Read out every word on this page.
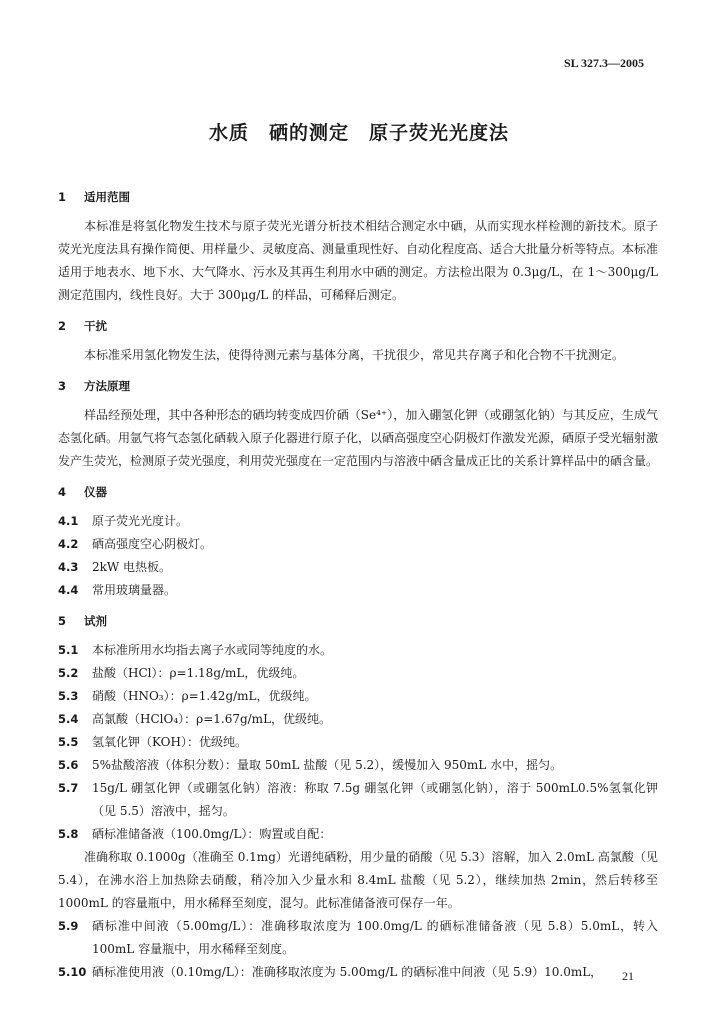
SL 327.3—2005
水质　硒的测定　原子荧光光度法
1 适用范围

本标准是将氢化物发生技术与原子荧光光谱分析技术相结合测定水中硒，从而实现水样检测的新技术。原子荧光光度法具有操作简便、用样量少、灵敏度高、测量重现性好、自动化程度高、适合大批量分析等特点。本标准适用于地表水、地下水、大气降水、污水及其再生利用水中硒的测定。方法检出限为 0.3μg/L，在 1～300μg/L 测定范围内，线性良好。大于 300μg/L 的样品，可稀释后测定。

2 干扰

本标准采用氢化物发生法，使得待测元素与基体分离，干扰很少，常见共存离子和化合物不干扰测定。

3 方法原理

样品经预处理，其中各种形态的硒均转变成四价硒（Se⁴⁺），加入硼氢化钾（或硼氢化钠）与其反应，生成气态氢化硒。用氩气将气态氢化硒载入原子化器进行原子化，以硒高强度空心阴极灯作激发光源，硒原子受光辐射激发产生荧光，检测原子荧光强度，利用荧光强度在一定范围内与溶液中硒含量成正比的关系计算样品中的硒含量。

4 仪器
4.1	原子荧光光度计。
4.2	硒高强度空心阴极灯。
4.3	2kW 电热板。
4.4	常用玻璃量器。
5 试剂
5.1	本标准所用水均指去离子水或同等纯度的水。
5.2	盐酸（HCl）：ρ=1.18g/mL，优级纯。
5.3	硝酸（HNO₃）：ρ=1.42g/mL，优级纯。
5.4	高氯酸（HClO₄）：ρ=1.67g/mL，优级纯。
5.5	氢氧化钾（KOH）：优级纯。
5.6	5%盐酸溶液（体积分数）：量取 50mL 盐酸（见 5.2），缓慢加入 950mL 水中，摇匀。
5.7	15g/L 硼氢化钾（或硼氢化钠）溶液：称取 7.5g 硼氢化钾（或硼氢化钠），溶于 500mL0.5%氢氧化钾（见 5.5）溶液中，摇匀。
5.8	硒标准储备液（100.0mg/L）：购置或自配：

准确称取 0.1000g（准确至 0.1mg）光谱纯硒粉，用少量的硝酸（见 5.3）溶解，加入 2.0mL 高氯酸（见 5.4），在沸水浴上加热除去硝酸，稍冷加入少量水和 8.4mL 盐酸（见 5.2），继续加热 2min，然后转移至 1000mL 的容量瓶中，用水稀释至刻度，混匀。此标准储备液可保存一年。

5.9	硒标准中间液（5.00mg/L）：准确移取浓度为 100.0mg/L 的硒标准储备液（见 5.8）5.0mL，转入 100mL 容量瓶中，用水稀释至刻度。
5.10 硒标准使用液（0.10mg/L）：准确移取浓度为 5.00mg/L 的硒标准中间液（见 5.9）10.0mL，	21
